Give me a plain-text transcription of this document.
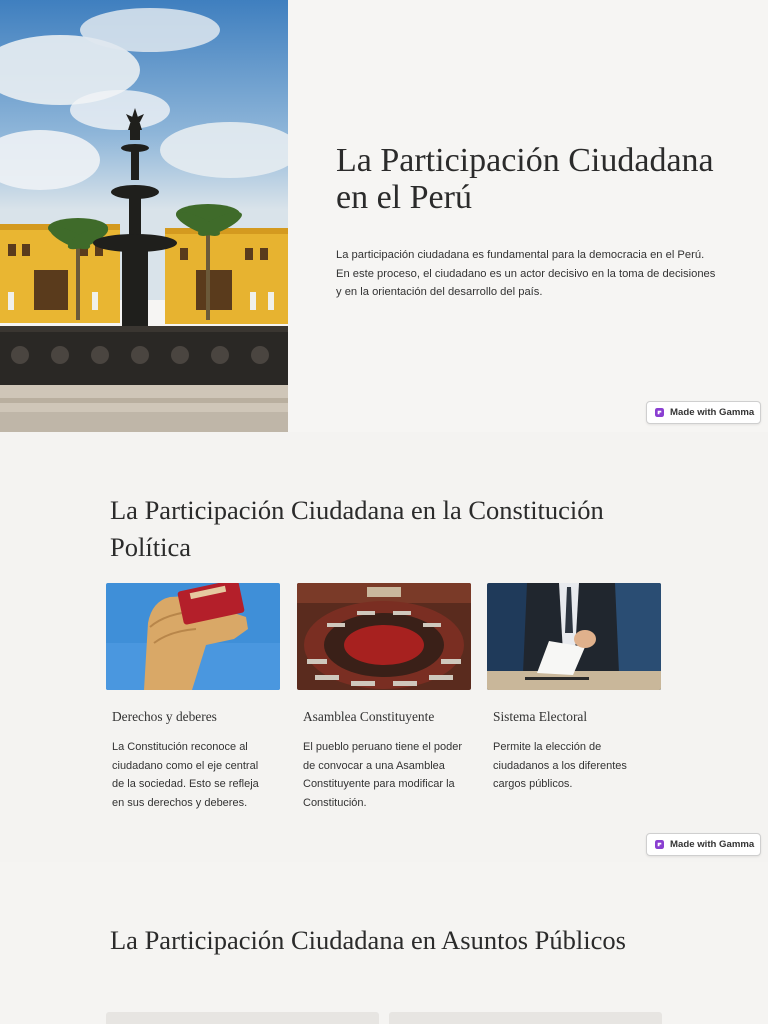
La Participación Ciudadana en el Perú

La participación ciudadana es fundamental para la democracia en el Perú. En este proceso, el ciudadano es un actor decisivo en la toma de decisiones y en la orientación del desarrollo del país.

Made with Gamma
La Participación Ciudadana en la Constitución Política
Derechos y deberes

La Constitución reconoce al ciudadano como el eje central de la sociedad. Esto se refleja en sus derechos y deberes.

Asamblea Constituyente

El pueblo peruano tiene el poder de convocar a una Asamblea Constituyente para modificar la Constitución.

Sistema Electoral

Permite la elección de ciudadanos a los diferentes cargos públicos.

Made with Gamma
La Participación Ciudadana en Asuntos Públicos
